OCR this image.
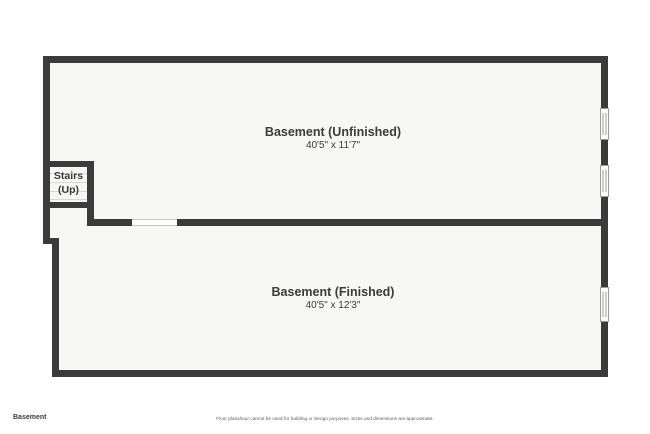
Stairs
(Up)
Basement (Unfinished)
40'5" x 11'7"
Basement (Finished)
40'5" x 12'3"
Basement	Floor plans/tour cannot be used for building or design purposes. Sizes and dimensions are approximate.
